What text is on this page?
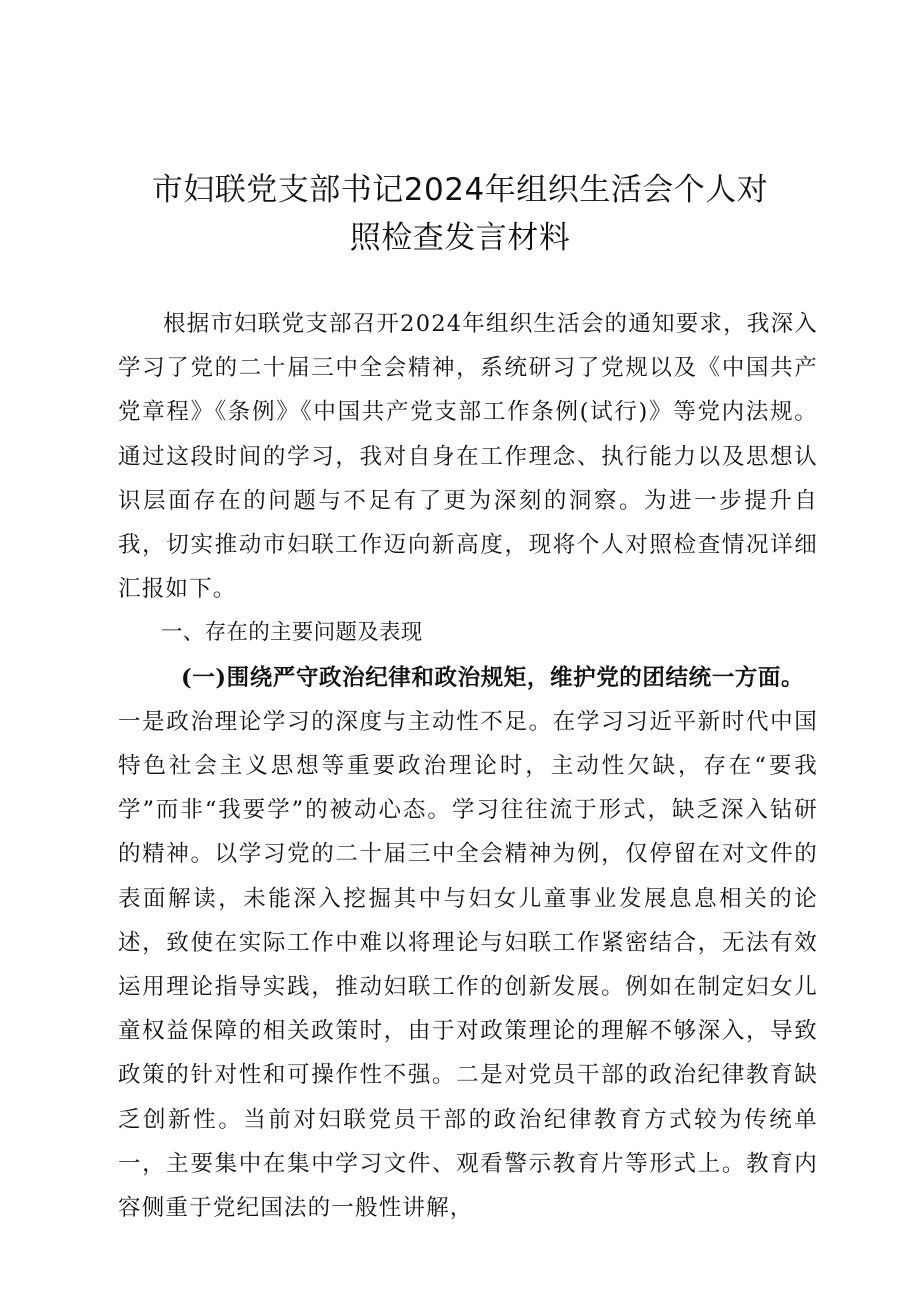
市妇联党支部书记2024年组织生活会个人对
照检查发言材料

根据市妇联党支部召开2024年组织生活会的通知要求，我深入学习了党的二十届三中全会精神，系统研习了党规以及《中国共产党章程》《条例》《中国共产党支部工作条例(试行)》等党内法规。通过这段时间的学习，我对自身在工作理念、执行能力以及思想认识层面存在的问题与不足有了更为深刻的洞察。为进一步提升自我，切实推动市妇联工作迈向新高度，现将个人对照检查情况详细汇报如下。

一、存在的主要问题及表现

(一)围绕严守政治纪律和政治规矩，维护党的团结统一方面。

一是政治理论学习的深度与主动性不足。在学习习近平新时代中国特色社会主义思想等重要政治理论时，主动性欠缺，存在“要我学”而非“我要学”的被动心态。学习往往流于形式，缺乏深入钻研的精神。以学习党的二十届三中全会精神为例，仅停留在对文件的表面解读，未能深入挖掘其中与妇女儿童事业发展息息相关的论述，致使在实际工作中难以将理论与妇联工作紧密结合，无法有效运用理论指导实践，推动妇联工作的创新发展。例如在制定妇女儿童权益保障的相关政策时，由于对政策理论的理解不够深入，导致政策的针对性和可操作性不强。二是对党员干部的政治纪律教育缺乏创新性。当前对妇联党员干部的政治纪律教育方式较为传统单一，主要集中在集中学习文件、观看警示教育片等形式上。教育内容侧重于党纪国法的一般性讲解，
